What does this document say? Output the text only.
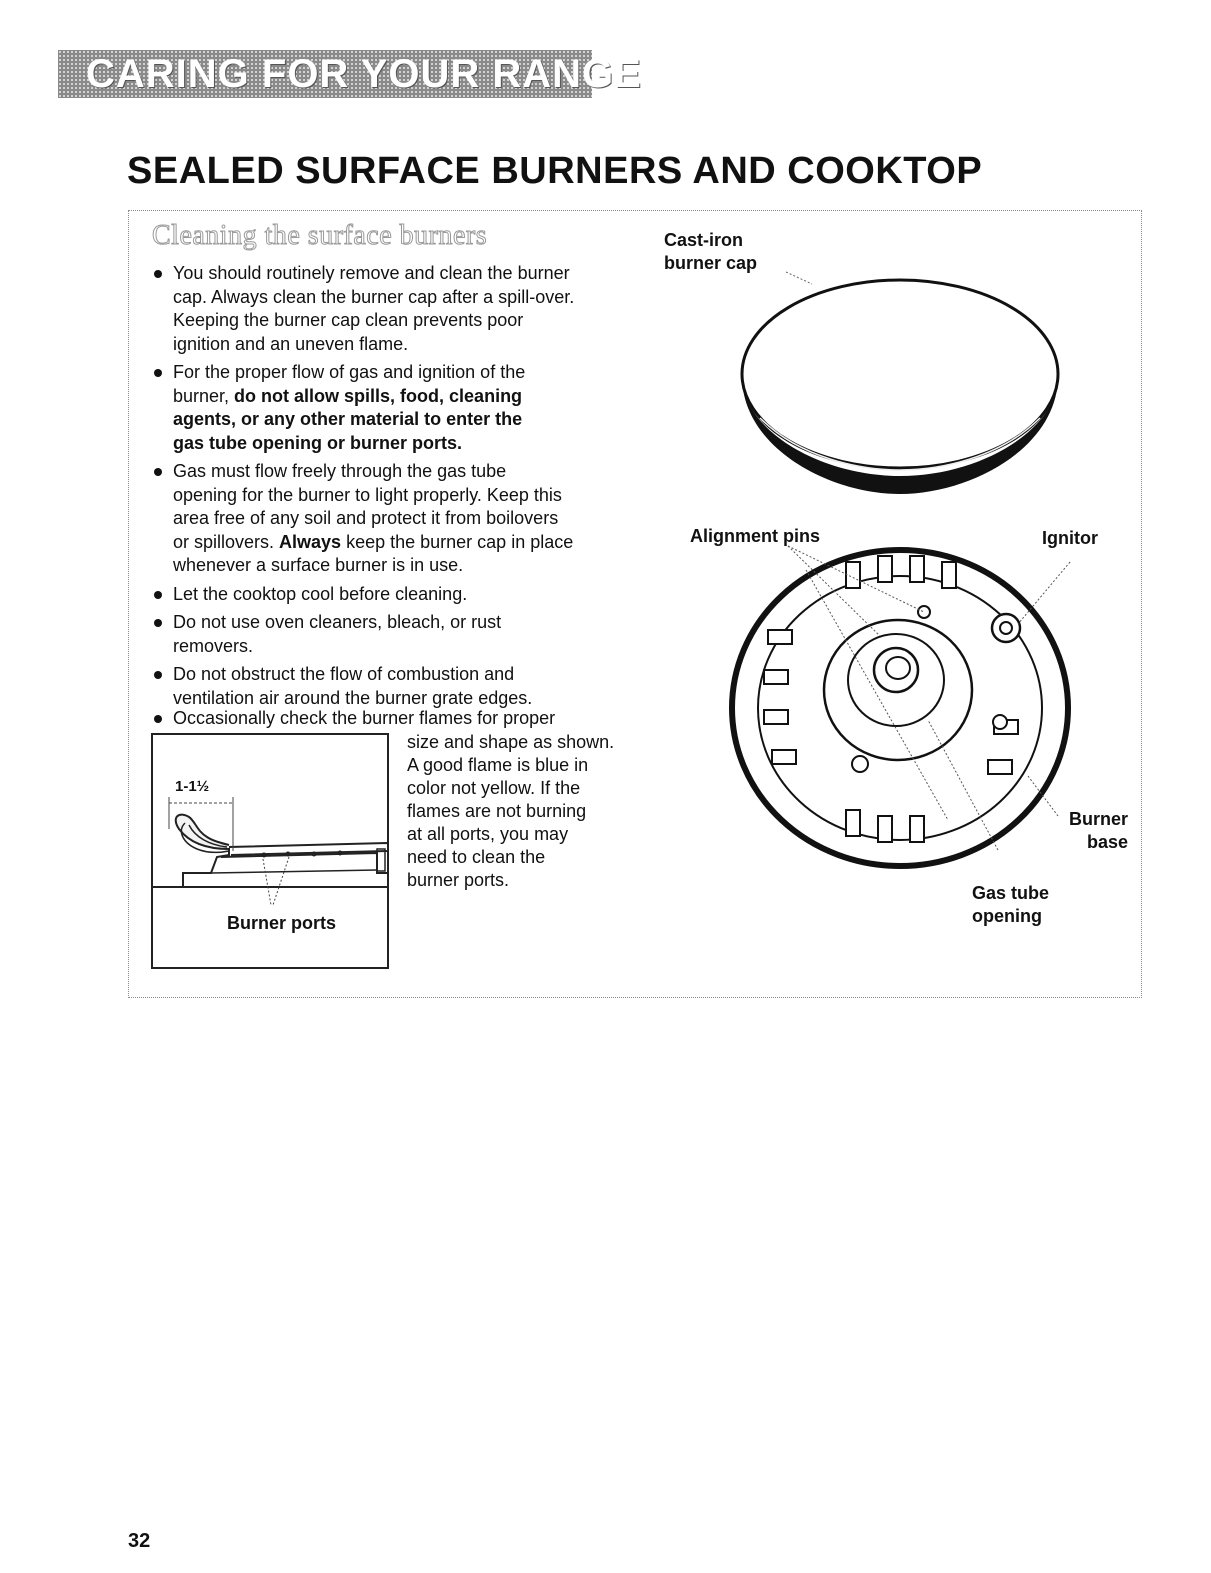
CARING FOR YOUR RANGE
SEALED SURFACE BURNERS AND COOKTOP
Cleaning the surface burners
You should routinely remove and clean the burner
cap. Always clean the burner cap after a spill-over.
Keeping the burner cap clean prevents poor
ignition and an uneven flame.
For the proper flow of gas and ignition of the
burner, do not allow spills, food, cleaning
agents, or any other material to enter the
gas tube opening or burner ports.
Gas must flow freely through the gas tube
opening for the burner to light properly. Keep this
area free of any soil and protect it from boilovers
or spillovers. Always keep the burner cap in place
whenever a surface burner is in use.
Let the cooktop cool before cleaning.
Do not use oven cleaners, bleach, or rust
removers.
Do not obstruct the flow of combustion and
ventilation air around the burner grate edges.
Occasionally check the burner flames for proper
size and shape as shown.
A good flame is blue in
color not yellow. If the
flames are not burning
at all ports, you may
need to clean the
burner ports.
1-1½
Burner ports
Cast-iron
burner cap
Alignment pins	Ignitor
Burner
base
Gas tube
opening
32
